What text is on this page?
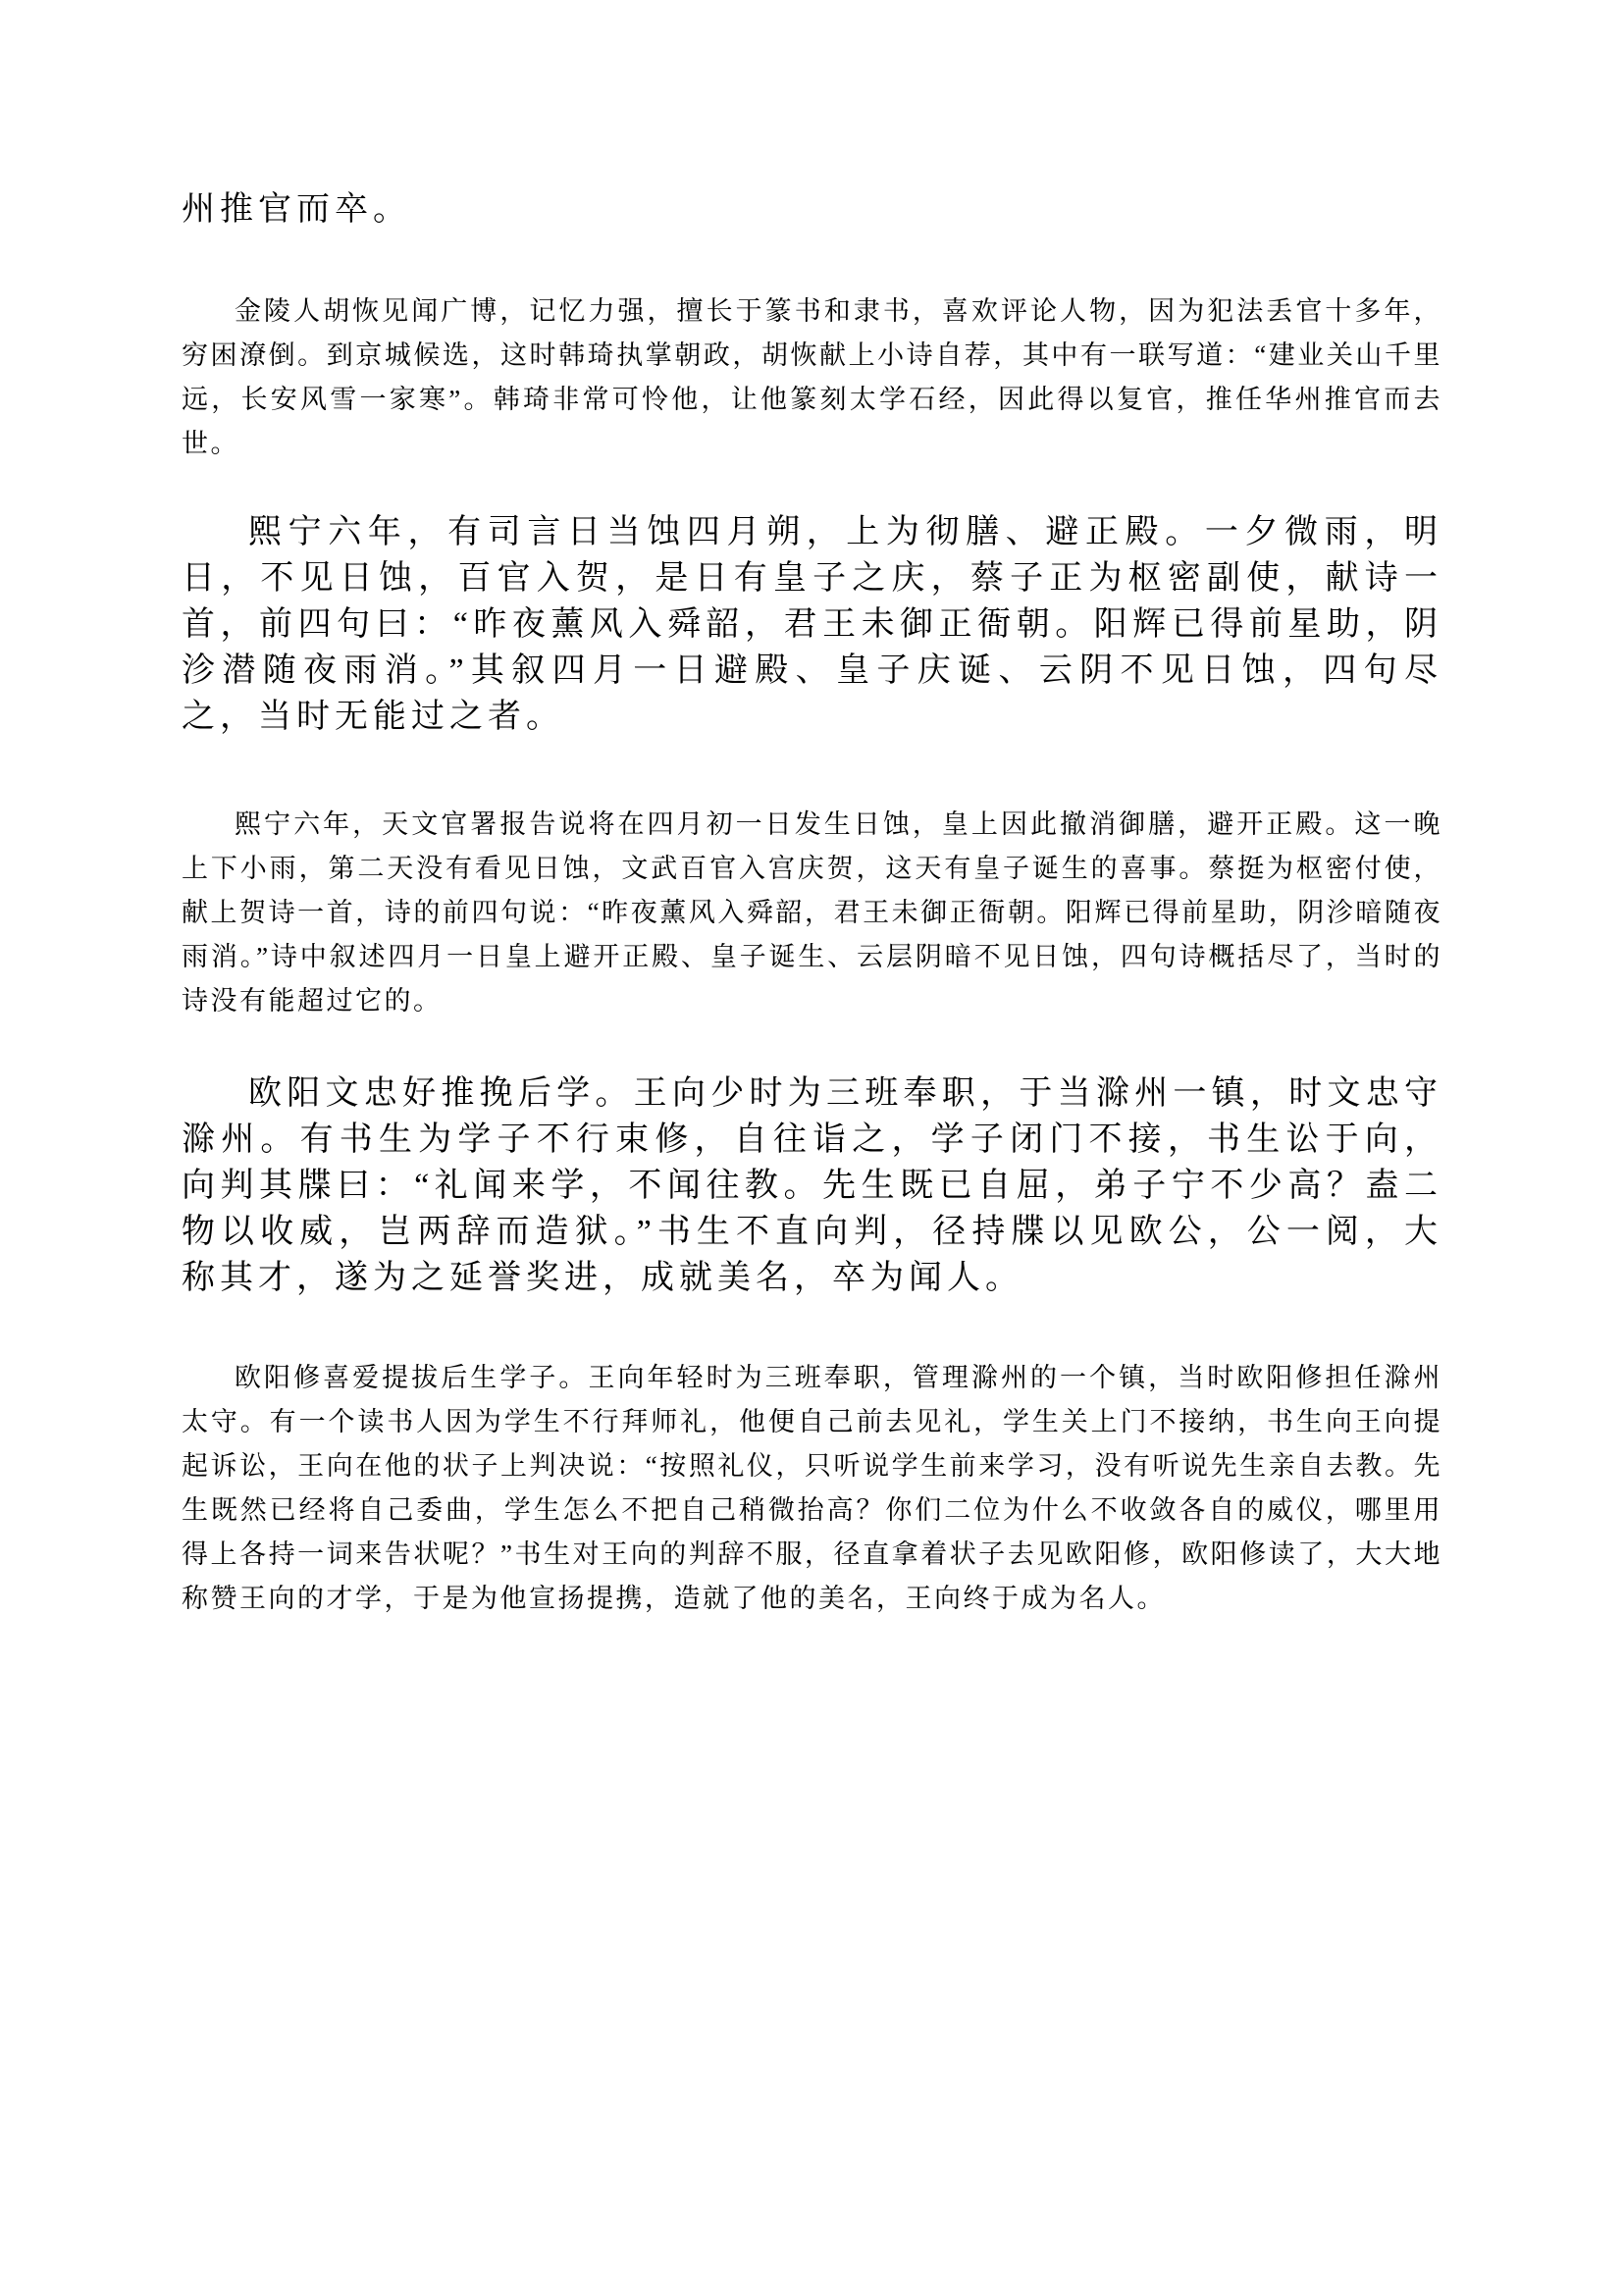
州推官而卒。

金陵人胡恢见闻广博，记忆力强，擅长于篆书和隶书，喜欢评论人物，因为犯法丢官十多年，穷困潦倒。到京城候选，这时韩琦执掌朝政，胡恢献上小诗自荐，其中有一联写道：“建业关山千里远，长安风雪一家寒”。韩琦非常可怜他，让他篆刻太学石经，因此得以复官，推任华州推官而去世。

熙宁六年，有司言日当蚀四月朔，上为彻膳、避正殿。一夕微雨，明日，不见日蚀，百官入贺，是日有皇子之庆，蔡子正为枢密副使，献诗一首，前四句曰：“昨夜薰风入舜韶，君王未御正衙朝。阳辉已得前星助，阴沴潜随夜雨消。”其叙四月一日避殿、皇子庆诞、云阴不见日蚀，四句尽之，当时无能过之者。

熙宁六年，天文官署报告说将在四月初一日发生日蚀，皇上因此撤消御膳，避开正殿。这一晚上下小雨，第二天没有看见日蚀，文武百官入宫庆贺，这天有皇子诞生的喜事。蔡挺为枢密付使，献上贺诗一首，诗的前四句说：“昨夜薰风入舜韶，君王未御正衙朝。阳辉已得前星助，阴沴暗随夜雨消。”诗中叙述四月一日皇上避开正殿、皇子诞生、云层阴暗不见日蚀，四句诗概括尽了，当时的诗没有能超过它的。

欧阳文忠好推挽后学。王向少时为三班奉职，于当滁州一镇，时文忠守滁州。有书生为学子不行束修，自往诣之，学子闭门不接，书生讼于向，向判其牒曰：“礼闻来学，不闻往教。先生既已自屈，弟子宁不少高？盍二物以收威，岂两辞而造狱。”书生不直向判，径持牒以见欧公，公一阅，大称其才，遂为之延誉奖进，成就美名，卒为闻人。

欧阳修喜爱提拔后生学子。王向年轻时为三班奉职，管理滁州的一个镇，当时欧阳修担任滁州太守。有一个读书人因为学生不行拜师礼，他便自己前去见礼，学生关上门不接纳，书生向王向提起诉讼，王向在他的状子上判决说：“按照礼仪，只听说学生前来学习，没有听说先生亲自去教。先生既然已经将自己委曲，学生怎么不把自己稍微抬高？你们二位为什么不收敛各自的威仪，哪里用得上各持一词来告状呢？”书生对王向的判辞不服，径直拿着状子去见欧阳修，欧阳修读了，大大地称赞王向的才学，于是为他宣扬提携，造就了他的美名，王向终于成为名人。
